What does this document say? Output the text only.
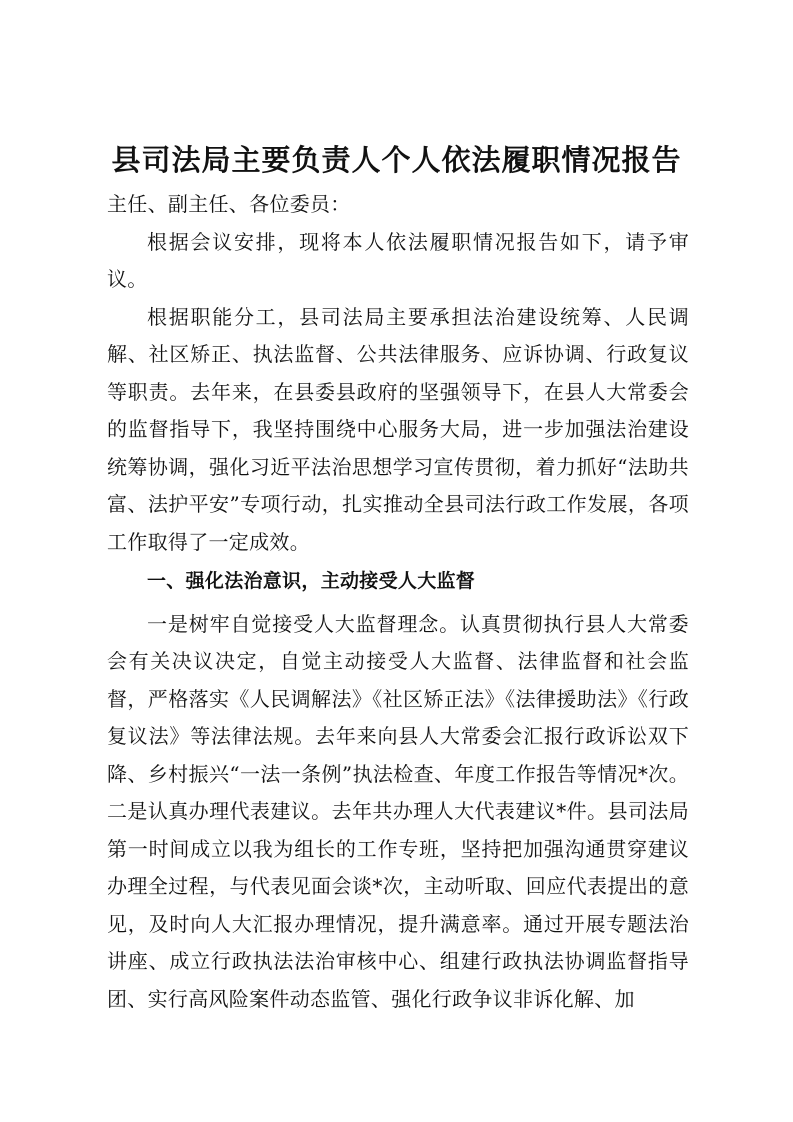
县司法局主要负责人个人依法履职情况报告

主任、副主任、各位委员：

根据会议安排，现将本人依法履职情况报告如下，请予审议。

根据职能分工，县司法局主要承担法治建设统筹、人民调解、社区矫正、执法监督、公共法律服务、应诉协调、行政复议等职责。去年来，在县委县政府的坚强领导下，在县人大常委会的监督指导下，我坚持围绕中心服务大局，进一步加强法治建设统筹协调，强化习近平法治思想学习宣传贯彻，着力抓好“法助共富、法护平安”专项行动，扎实推动全县司法行政工作发展，各项工作取得了一定成效。

一、强化法治意识，主动接受人大监督

一是树牢自觉接受人大监督理念。认真贯彻执行县人大常委会有关决议决定，自觉主动接受人大监督、法律监督和社会监督，严格落实《人民调解法》《社区矫正法》《法律援助法》《行政复议法》等法律法规。去年来向县人大常委会汇报行政诉讼双下降、乡村振兴“一法一条例”执法检查、年度工作报告等情况*次。二是认真办理代表建议。去年共办理人大代表建议*件。县司法局第一时间成立以我为组长的工作专班，坚持把加强沟通贯穿建议办理全过程，与代表见面会谈*次，主动听取、回应代表提出的意见，及时向人大汇报办理情况，提升满意率。通过开展专题法治讲座、成立行政执法法治审核中心、组建行政执法协调监督指导团、实行高风险案件动态监管、强化行政争议非诉化解、加
